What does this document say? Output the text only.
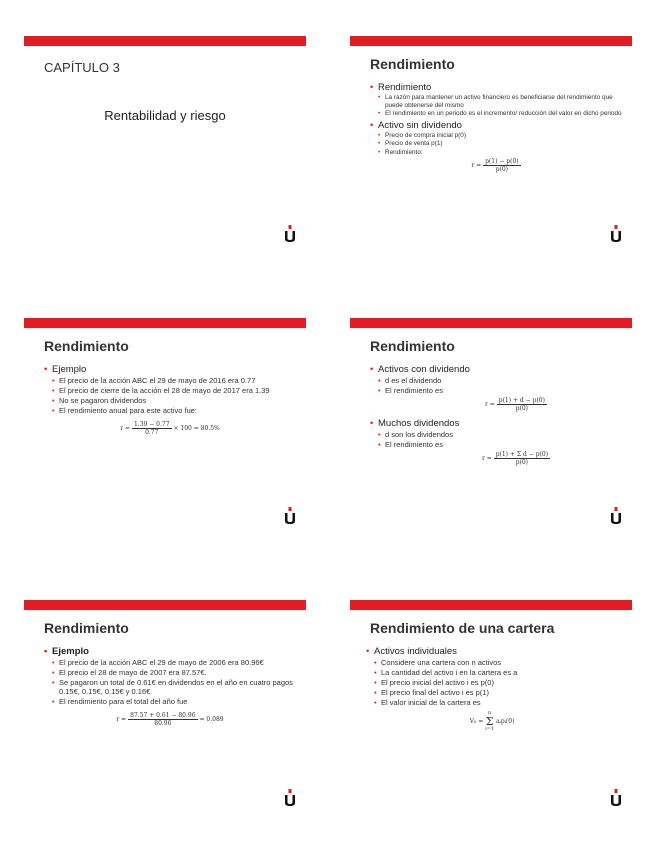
CAPÍTULO 3
Rentabilidad y riesgo
Rendimiento
• Rendimiento
• La razón para mantener un activo financiero es beneficiarse del rendimiento que puede obtenerse del mismo
• El rendimiento en un periodo es el incremento/ reducción del valor en dicho periodo
• Activo sin dividendo
• Precio de compra inicial p(0)
• Precio de venta p(1)
• Rendimiento:
$r = \frac{p(1) - p(0)}{p(0)}$
Rendimiento
• Ejemplo
• El precio de la acción ABC el 29 de mayo de 2016 era 0.77
• El precio de cierre de la acción el 28 de mayo de 2017 era 1.39
• No se pagaron dividendos
• El rendimiento anual para este activo fue:
$r = \frac{1.39 - 0.77}{0.77} \times 100 = 80.5\%$
Rendimiento
• Activos con dividendo
• d es el dividendo
• El rendimiento es
$r = \frac{p(1) + d - p(0)}{p(0)}$
• Muchos dividendos
• d son los dividendos
• El rendimiento es
$r = \frac{\text{p(1) + Σ d − p(0)}}{p(0)}$
Rendimiento
• Ejemplo
• El precio de la acción ABC el 29 de mayo de 2006 era 80.96€
• El precio el 28 de mayo de 2007 era 87.57€.
• Se pagaron un total de 0.61€ en dividendos en el año en cuatro pagos 0.15€, 0.15€, 0.15€ y 0.16€
• El rendimiento para el total del año fue
$r = \frac{87.57 + 0.61 - 80.96}{80.96} = 0.089$
Rendimiento de una cartera
• Activos individuales
• Considere una cartera con n activos
• La cantidad del activo i en la cartera es a
• El precio inicial del activo i es p(0)
• El precio final del activo i es p(1)
• El valor inicial de la cartera es
V₀ = n
Σ
i=1 aᵢpᵢ(0)
